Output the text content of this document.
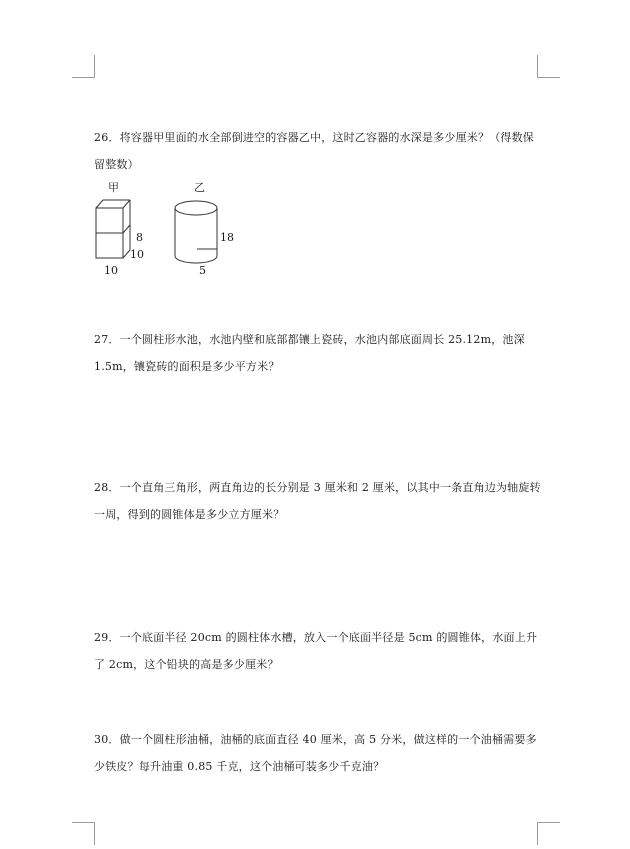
26．将容器甲里面的水全部倒进空的容器乙中，这时乙容器的水深是多少厘米？（得数保留整数）
甲
8
10
10
乙
18
5
27．一个圆柱形水池，水池内壁和底部都镶上瓷砖，水池内部底面周长 25.12m，池深 1.5m，镶瓷砖的面积是多少平方米？
28．一个直角三角形，两直角边的长分别是 3 厘米和 2 厘米，以其中一条直角边为轴旋转一周，得到的圆锥体是多少立方厘米？
29．一个底面半径 20cm 的圆柱体水槽，放入一个底面半径是 5cm 的圆锥体，水面上升了 2cm，这个铅块的高是多少厘米？
30．做一个圆柱形油桶，油桶的底面直径 40 厘米，高 5 分米，做这样的一个油桶需要多少铁皮？每升油重 0.85 千克，这个油桶可装多少千克油？
